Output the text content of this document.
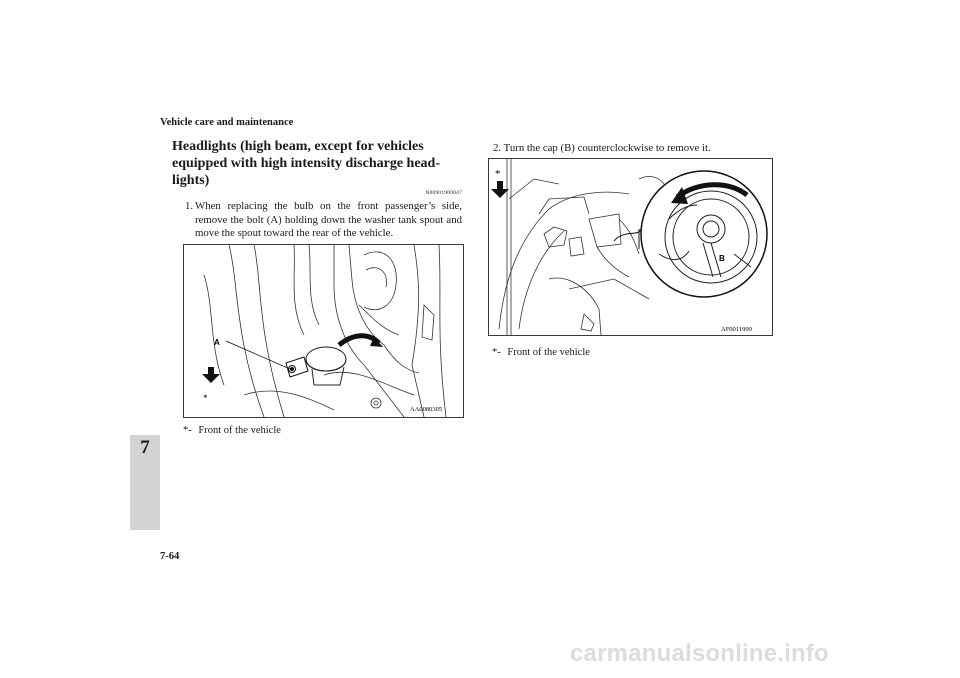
Vehicle care and maintenance
Headlights (high beam, except for vehicles equipped with high intensity discharge head-lights)
N00901900047
1. When replacing the bulb on the front passenger’s side, remove the bolt (A) holding down the washer tank spout and move the spout toward the rear of the vehicle.
A
*
AA0080305
*- Front of the vehicle
2. Turn the cap (B) counterclockwise to remove it.
*
B
AF0011999
*- Front of the vehicle
7
7-64
carmanualsonline.info
